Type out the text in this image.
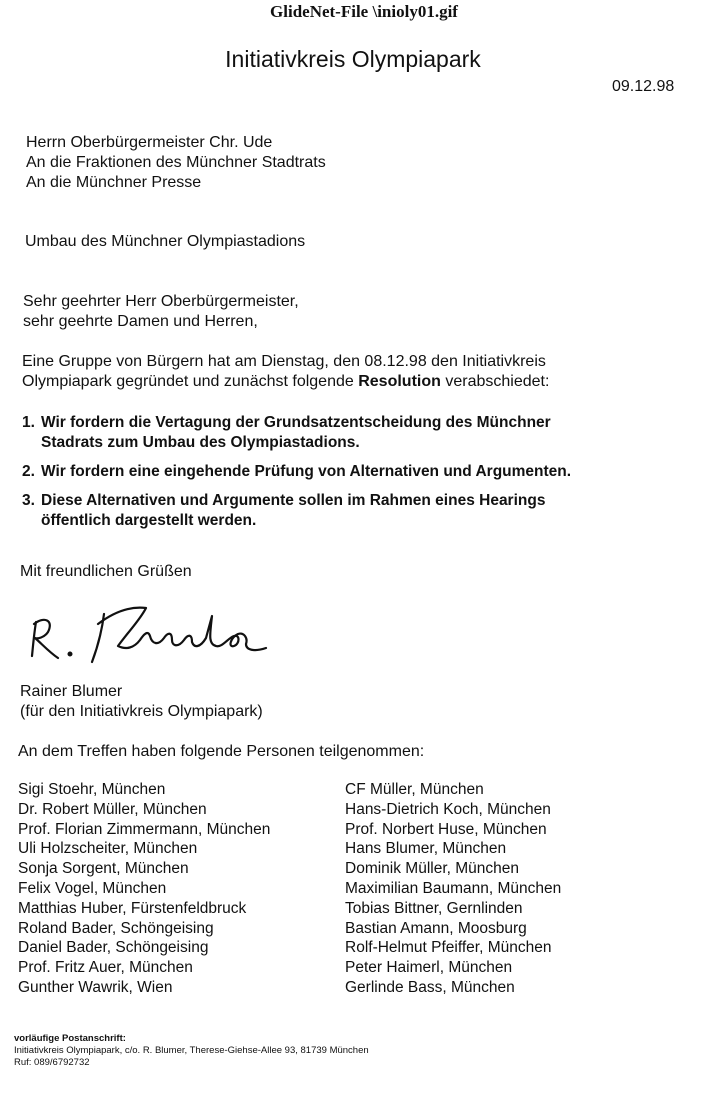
GlideNet-File \inioly01.gif
Initiativkreis Olympiapark
09.12.98
Herrn Oberbürgermeister Chr. Ude
An die Fraktionen des Münchner Stadtrats
An die Münchner Presse
Umbau des Münchner Olympiastadions
Sehr geehrter Herr Oberbürgermeister,
sehr geehrte Damen und Herren,
Eine Gruppe von Bürgern hat am Dienstag, den 08.12.98 den Initiativkreis
Olympiapark gegründet und zunächst folgende Resolution verabschiedet:
1. Wir fordern die Vertagung der Grundsatzentscheidung des Münchner
Stadrats zum Umbau des Olympiastadions.
2. Wir fordern eine eingehende Prüfung von Alternativen und Argumenten.
3. Diese Alternativen und Argumente sollen im Rahmen eines Hearings
öffentlich dargestellt werden.
Mit freundlichen Grüßen
Rainer Blumer
(für den Initiativkreis Olympiapark)
An dem Treffen haben folgende Personen teilgenommen:
Sigi Stoehr, München
Dr. Robert Müller, München
Prof. Florian Zimmermann, München
Uli Holzscheiter, München
Sonja Sorgent, München
Felix Vogel, München
Matthias Huber, Fürstenfeldbruck
Roland Bader, Schöngeising
Daniel Bader, Schöngeising
Prof. Fritz Auer, München
Gunther Wawrik, Wien
CF Müller, München
Hans-Dietrich Koch, München
Prof. Norbert Huse, München
Hans Blumer, München
Dominik Müller, München
Maximilian Baumann, München
Tobias Bittner, Gernlinden
Bastian Amann, Moosburg
Rolf-Helmut Pfeiffer, München
Peter Haimerl, München
Gerlinde Bass, München
vorläufige Postanschrift:
Initiativkreis Olympiapark, c/o. R. Blumer, Therese-Giehse-Allee 93, 81739 München
Ruf: 089/6792732
